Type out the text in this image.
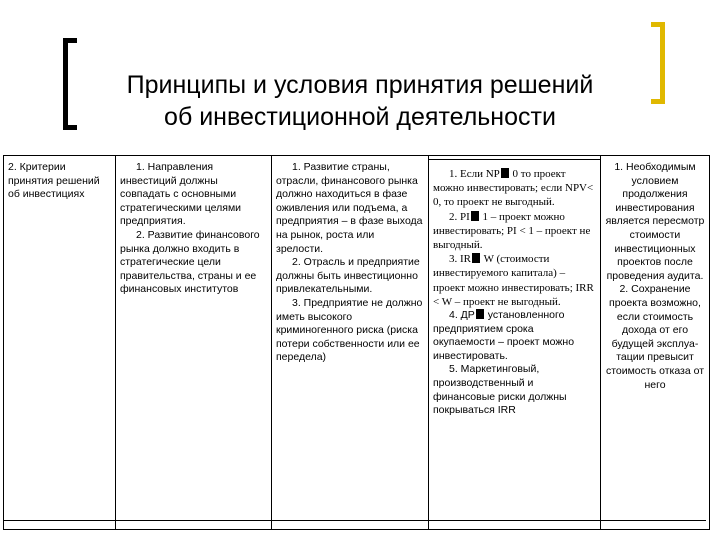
Принципы и условия принятия решений
об инвестиционной деятельности

2. Критерии принятия решений об инвестициях

1. Направления инвестиций должны совпадать с основными стратегическими целями предприятия.

2. Развитие финансового рынка должно входить в стратегические цели правительства, страны и ее финансовых институтов

1. Развитие страны, отрасли, финансового рынка должно находиться в фазе оживления или подъема, а предприятия – в фазе выхода на рынок, роста или зрелости.

2. Отрасль и предприятие должны быть инвестиционно привлекательными.

3. Предприятие не должно иметь высокого криминогенного риска (риска потери собственности или ее передела)

1. Если NP 0 то проект можно инвестировать; если NPV< 0, то проект не выгодный.

2. PI 1 – проект можно инвестировать; PI < 1 – проект не выгодный.

3. IR W (стоимости инвестируемого капитала) – проект можно инвестировать; IRR < W – проект не выгодный.

4. ДР установленного предприятием срока окупаемости – проект можно инвестировать.

5. Маркетинговый, производственный и финансовые риски должны покрываться IRR

1. Необходимым условием продолжения инвестирования является пересмотр стоимости инвестиционных проектов после проведения аудита.

2. Сохранение проекта возможно, если стоимость дохода от его будущей эксплуа-тации превысит стоимость отказа от него
